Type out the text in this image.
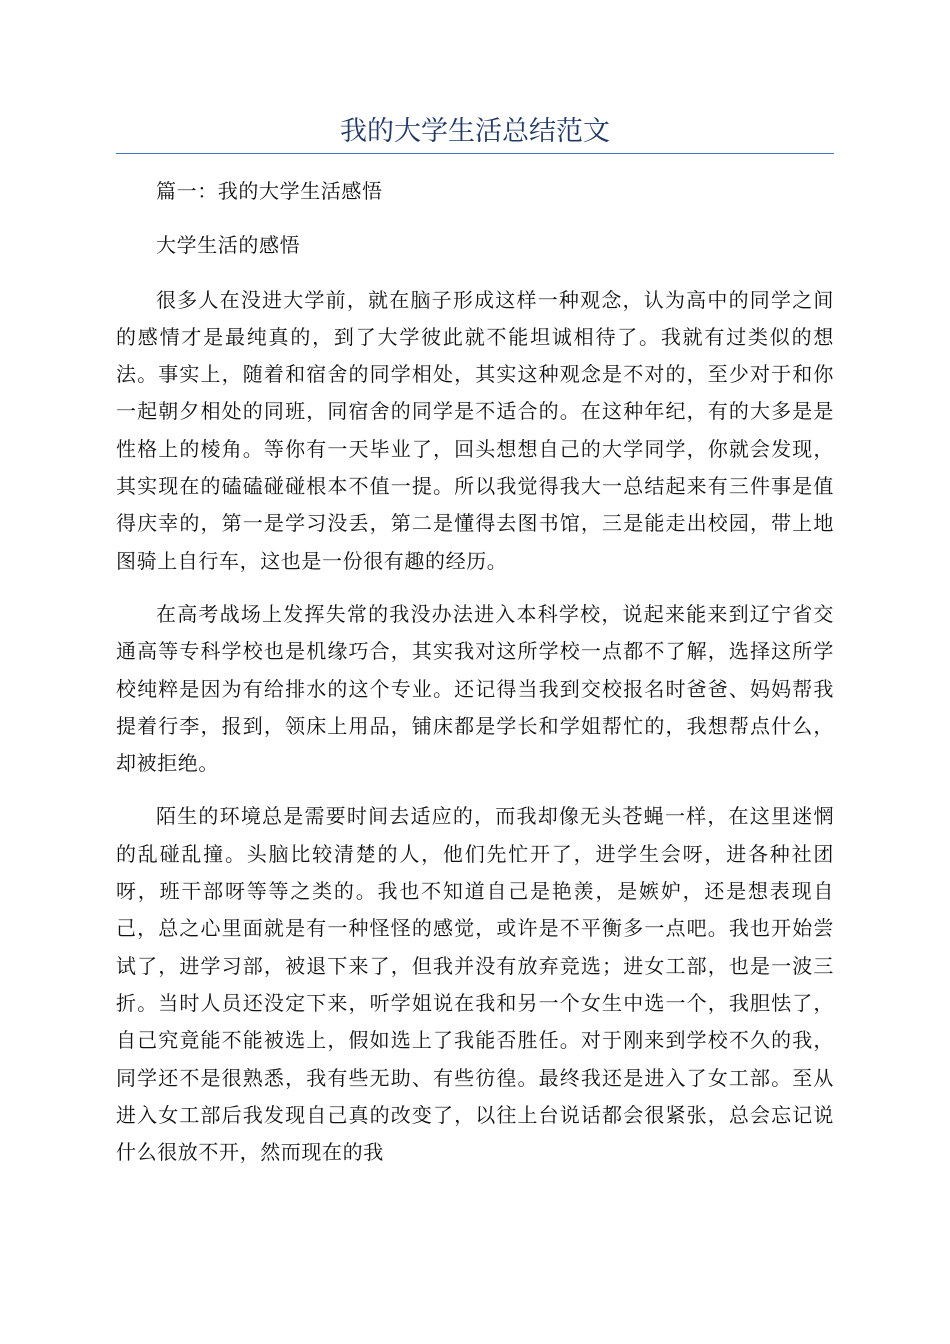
我的大学生活总结范文

篇一：我的大学生活感悟

大学生活的感悟

很多人在没进大学前，就在脑子形成这样一种观念，认为高中的同学之间的感情才是最纯真的，到了大学彼此就不能坦诚相待了。我就有过类似的想法。事实上，随着和宿舍的同学相处，其实这种观念是不对的，至少对于和你一起朝夕相处的同班，同宿舍的同学是不适合的。在这种年纪，有的大多是是性格上的棱角。等你有一天毕业了，回头想想自己的大学同学，你就会发现，其实现在的磕磕碰碰根本不值一提。所以我觉得我大一总结起来有三件事是值得庆幸的，第一是学习没丢，第二是懂得去图书馆，三是能走出校园，带上地图骑上自行车，这也是一份很有趣的经历。

在高考战场上发挥失常的我没办法进入本科学校，说起来能来到辽宁省交通高等专科学校也是机缘巧合，其实我对这所学校一点都不了解，选择这所学校纯粹是因为有给排水的这个专业。还记得当我到交校报名时爸爸、妈妈帮我提着行李，报到，领床上用品，铺床都是学长和学姐帮忙的，我想帮点什么，却被拒绝。

陌生的环境总是需要时间去适应的，而我却像无头苍蝇一样，在这里迷惘的乱碰乱撞。头脑比较清楚的人，他们先忙开了，进学生会呀，进各种社团呀，班干部呀等等之类的。我也不知道自己是艳羡，是嫉妒，还是想表现自己，总之心里面就是有一种怪怪的感觉，或许是不平衡多一点吧。我也开始尝试了，进学习部，被退下来了，但我并没有放弃竞选；进女工部，也是一波三折。当时人员还没定下来，听学姐说在我和另一个女生中选一个，我胆怯了，自己究竟能不能被选上，假如选上了我能否胜任。对于刚来到学校不久的我，同学还不是很熟悉，我有些无助、有些彷徨。最终我还是进入了女工部。至从进入女工部后我发现自己真的改变了，以往上台说话都会很紧张，总会忘记说什么很放不开，然而现在的我
